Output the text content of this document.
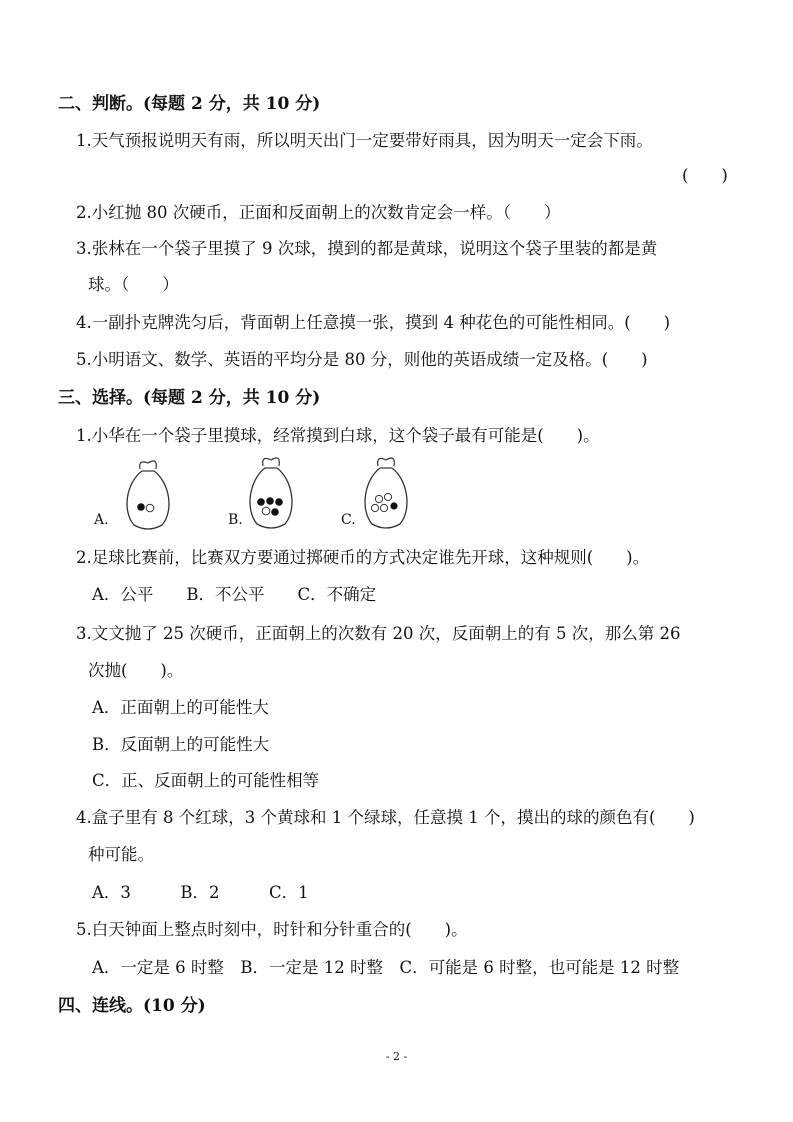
二、判断。(每题 2 分，共 10 分)
1.天气预报说明天有雨，所以明天出门一定要带好雨具，因为明天一定会下雨。
(　　)
2.小红抛 80 次硬币，正面和反面朝上的次数肯定会一样。（　　）
3.张林在一个袋子里摸了 9 次球，摸到的都是黄球，说明这个袋子里装的都是黄
球。（　　）
4.一副扑克牌洗匀后，背面朝上任意摸一张，摸到 4 种花色的可能性相同。(　　)
5.小明语文、数学、英语的平均分是 80 分，则他的英语成绩一定及格。(　　)
三、选择。(每题 2 分，共 10 分)
1.小华在一个袋子里摸球，经常摸到白球，这个袋子最有可能是(　　)。
A.	B.	C.
2.足球比赛前，比赛双方要通过掷硬币的方式决定谁先开球，这种规则(　　)。
A．公平　　B．不公平　　C．不确定
3.文文抛了 25 次硬币，正面朝上的次数有 20 次，反面朝上的有 5 次，那么第 26
次抛(　　)。
A．正面朝上的可能性大
B．反面朝上的可能性大
C．正、反面朝上的可能性相等
4.盒子里有 8 个红球，3 个黄球和 1 个绿球，任意摸 1 个，摸出的球的颜色有(　　)
种可能。
A．3　　　B．2　　　C．1
5.白天钟面上整点时刻中，时针和分针重合的(　　)。
A．一定是 6 时整　B．一定是 12 时整　C．可能是 6 时整，也可能是 12 时整
四、连线。(10 分)
- 2 -
